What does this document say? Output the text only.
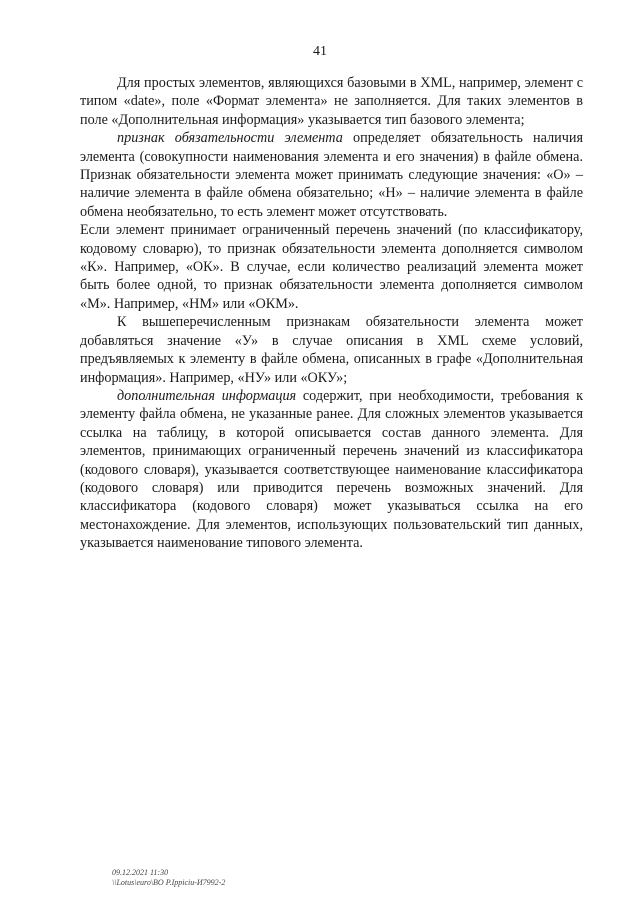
41

Для простых элементов, являющихся базовыми в XML, например, элемент с типом «date», поле «Формат элемента» не заполняется. Для таких элементов в поле «Дополнительная информация» указывается тип базового элемента;

признак обязательности элемента определяет обязательность наличия элемента (совокупности наименования элемента и его значения) в файле обмена. Признак обязательности элемента может принимать следующие значения: «О» – наличие элемента в файле обмена обязательно; «Н» – наличие элемента в файле обмена необязательно, то есть элемент может отсутствовать.

Если элемент принимает ограниченный перечень значений (по классификатору, кодовому словарю), то признак обязательности элемента дополняется символом «К». Например, «ОК». В случае, если количество реализаций элемента может быть более одной, то признак обязательности элемента дополняется символом «М». Например, «НМ» или «ОКМ».

К вышеперечисленным признакам обязательности элемента может добавляться значение «У» в случае описания в XML схеме условий, предъявляемых к элементу в файле обмена, описанных в графе «Дополнительная информация». Например, «НУ» или «ОКУ»;

дополнительная информация содержит, при необходимости, требования к элементу файла обмена, не указанные ранее. Для сложных элементов указывается ссылка на таблицу, в которой описывается состав данного элемента. Для элементов, принимающих ограниченный перечень значений из классификатора (кодового словаря), указывается соответствующее наименование классификатора (кодового словаря) или приводится перечень возможных значений. Для классификатора (кодового словаря) может указываться ссылка на его местонахождение. Для элементов, использующих пользовательский тип данных, указывается наименование типового элемента.

09.12.2021 11:30
\\Lotus\euro\BO P.Ippiciu-И7992-2
